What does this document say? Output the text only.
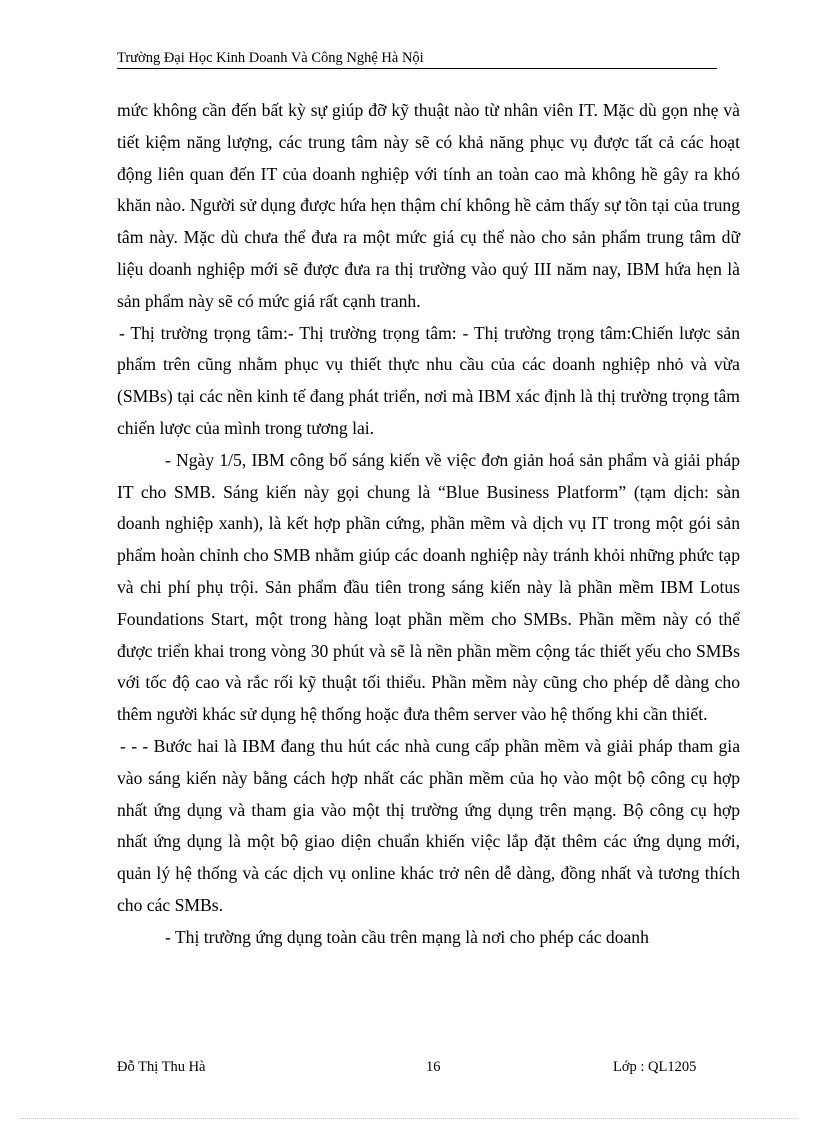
Trường Đại Học Kinh Doanh Và Công Nghệ Hà Nội

mức không cần đến bất kỳ sự giúp đỡ kỹ thuật nào từ nhân viên IT. Mặc dù gọn nhẹ và tiết kiệm năng lượng, các trung tâm này sẽ có khả năng phục vụ được tất cả các hoạt động liên quan đến IT của doanh nghiệp với tính an toàn cao mà không hề gây ra khó khăn nào. Người sử dụng được hứa hẹn thậm chí không hề cảm thấy sự tồn tại của trung tâm này. Mặc dù chưa thể đưa ra một mức giá cụ thể nào cho sản phẩm trung tâm dữ liệu doanh nghiệp mới sẽ được đưa ra thị trường vào quý III năm nay, IBM hứa hẹn là sản phẩm này sẽ có mức giá rất cạnh tranh.

- Thị trường trọng tâm:- Thị trường trọng tâm: - Thị trường trọng tâm:Chiến lược sản phẩm trên cũng nhằm phục vụ thiết thực nhu cầu của các doanh nghiệp nhỏ và vừa (SMBs) tại các nền kinh tế đang phát triển, nơi mà IBM xác định là thị trường trọng tâm chiến lược của mình trong tương lai.

- Ngày 1/5, IBM công bố sáng kiến về việc đơn giản hoá sản phẩm và giải pháp IT cho SMB. Sáng kiến này gọi chung là “Blue Business Platform” (tạm dịch: sàn doanh nghiệp xanh), là kết hợp phần cứng, phần mềm và dịch vụ IT trong một gói sản phẩm hoàn chỉnh cho SMB nhằm giúp các doanh nghiệp này tránh khỏi những phức tạp và chi phí phụ trội. Sản phẩm đầu tiên trong sáng kiến này là phần mềm IBM Lotus Foundations Start, một trong hàng loạt phần mềm cho SMBs. Phần mềm này có thể được triển khai trong vòng 30 phút và sẽ là nền phần mềm cộng tác thiết yếu cho SMBs với tốc độ cao và rắc rối kỹ thuật tối thiểu. Phần mềm này cũng cho phép dễ dàng cho thêm người khác sử dụng hệ thống hoặc đưa thêm server vào hệ thống khi cần thiết.

- - - Bước hai là IBM đang thu hút các nhà cung cấp phần mềm và giải pháp tham gia vào sáng kiến này bằng cách hợp nhất các phần mềm của họ vào một bộ công cụ hợp nhất ứng dụng và tham gia vào một thị trường ứng dụng trên mạng. Bộ công cụ hợp nhất ứng dụng là một bộ giao diện chuẩn khiến việc lắp đặt thêm các ứng dụng mới, quản lý hệ thống và các dịch vụ online khác trở nên dễ dàng, đồng nhất và tương thích cho các SMBs.

- Thị trường ứng dụng toàn cầu trên mạng là nơi cho phép các doanh

Đỗ Thị Thu Hà	16	Lớp : QL1205
